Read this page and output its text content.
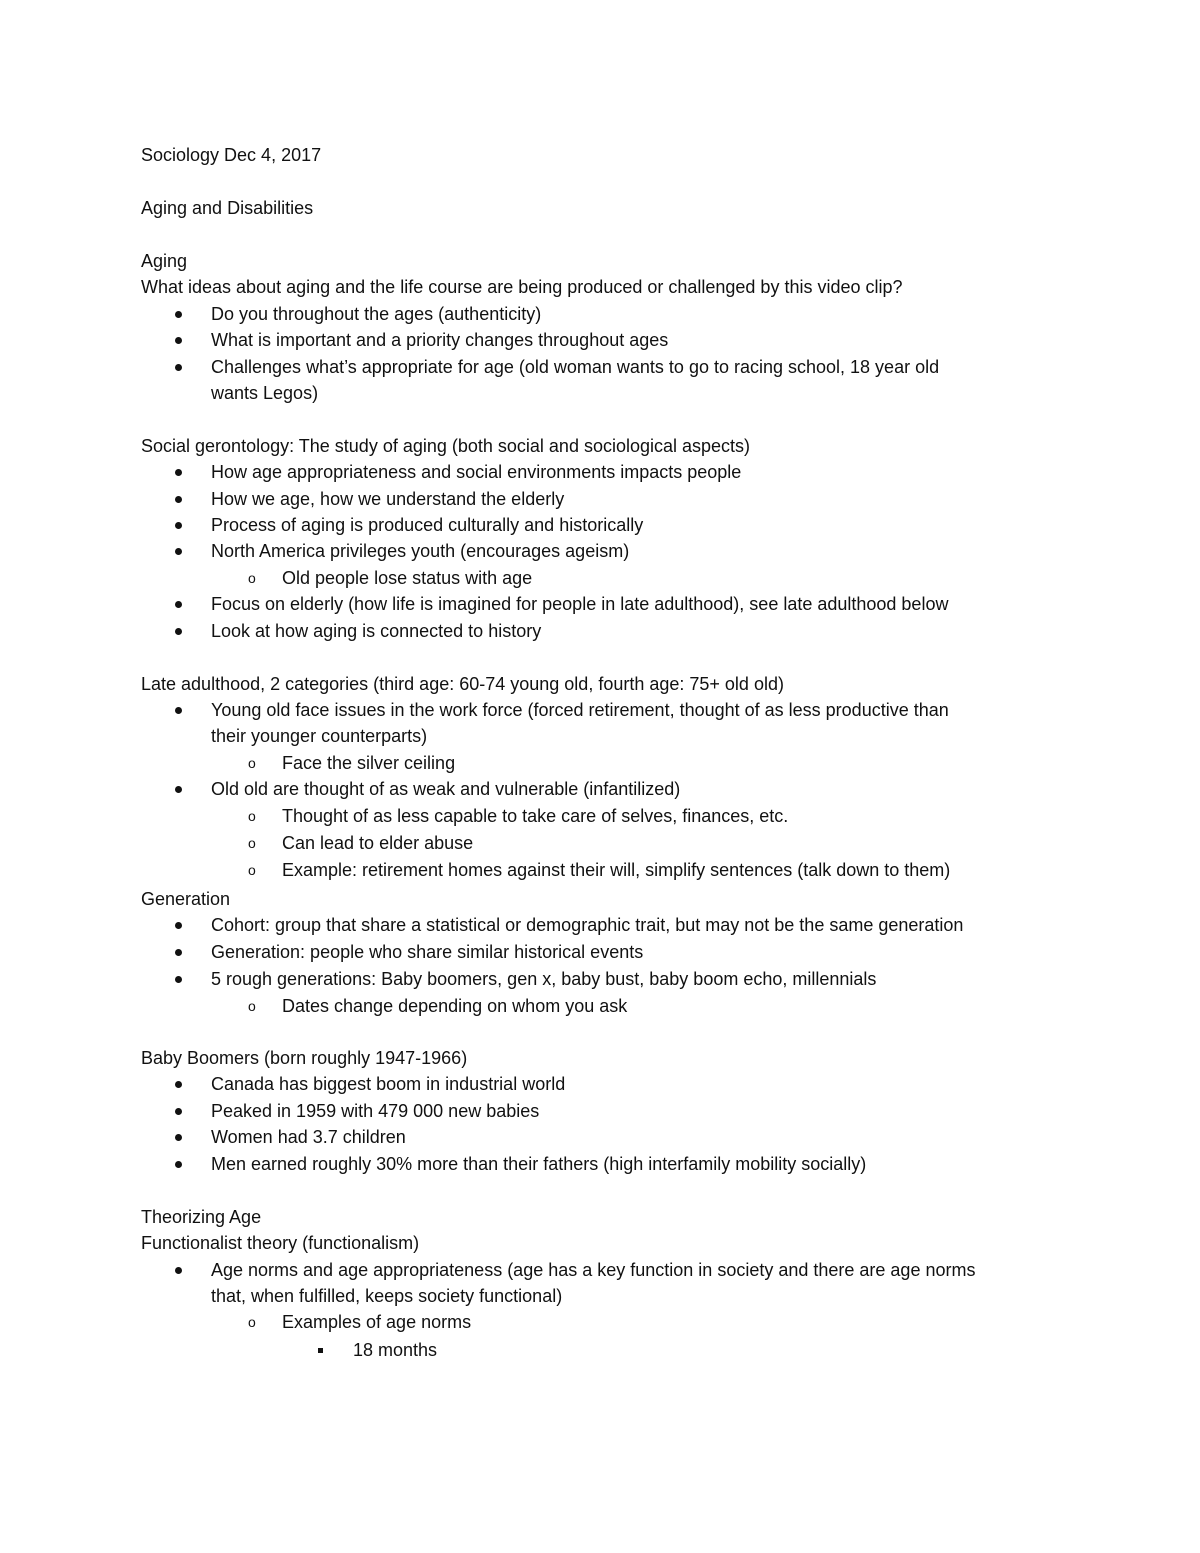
Sociology Dec 4, 2017
Aging and Disabilities
Aging
What ideas about aging and the life course are being produced or challenged by this video clip?
Do you throughout the ages (authenticity)
What is important and a priority changes throughout ages
Challenges what’s appropriate for age (old woman wants to go to racing school, 18 year old
wants Legos)
Social gerontology: The study of aging (both social and sociological aspects)
How age appropriateness and social environments impacts people
How we age, how we understand the elderly
Process of aging is produced culturally and historically
North America privileges youth (encourages ageism)
o Old people lose status with age
Focus on elderly (how life is imagined for people in late adulthood), see late adulthood below
Look at how aging is connected to history
Late adulthood, 2 categories (third age: 60-74 young old, fourth age: 75+ old old)
Young old face issues in the work force (forced retirement, thought of as less productive than
their younger counterparts)
o Face the silver ceiling
Old old are thought of as weak and vulnerable (infantilized)
o Thought of as less capable to take care of selves, finances, etc.
o Can lead to elder abuse
o Example: retirement homes against their will, simplify sentences (talk down to them)
Generation
Cohort: group that share a statistical or demographic trait, but may not be the same generation
Generation: people who share similar historical events
5 rough generations: Baby boomers, gen x, baby bust, baby boom echo, millennials
o Dates change depending on whom you ask
Baby Boomers (born roughly 1947-1966)
Canada has biggest boom in industrial world
Peaked in 1959 with 479 000 new babies
Women had 3.7 children
Men earned roughly 30% more than their fathers (high interfamily mobility socially)
Theorizing Age
Functionalist theory (functionalism)
Age norms and age appropriateness (age has a key function in society and there are age norms
that, when fulfilled, keeps society functional)
o Examples of age norms
18 months
